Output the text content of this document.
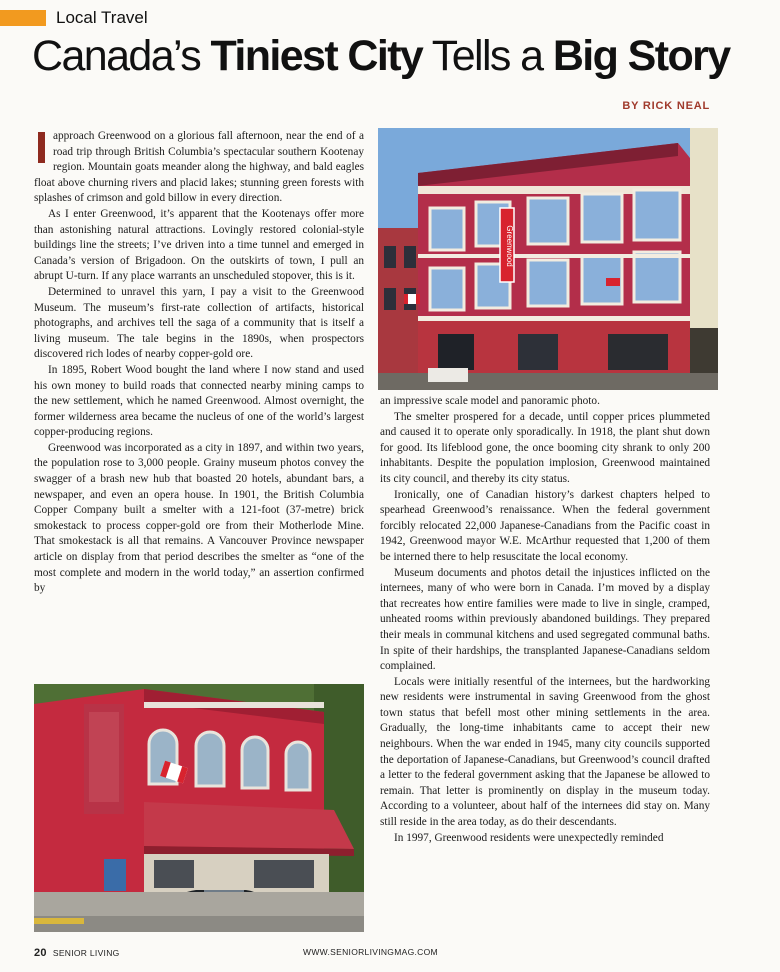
Local Travel
Canada’s Tiniest City Tells a Big Story
BY RICK NEAL

approach Greenwood on a glorious fall afternoon, near the end of a road trip through British Columbia’s spectacular southern Kootenay region. Mountain goats meander along the highway, and bald eagles float above churning rivers and placid lakes; stunning green forests with splashes of crimson and gold billow in every direction.

As I enter Greenwood, it’s apparent that the Kootenays offer more than astonishing natural attractions. Lovingly restored colonial-style buildings line the streets; I’ve driven into a time tunnel and emerged in Canada’s version of Brigadoon. On the outskirts of town, I pull an abrupt U-turn. If any place warrants an unscheduled stopover, this is it.

Determined to unravel this yarn, I pay a visit to the Greenwood Museum. The museum’s first-rate collection of artifacts, historical photographs, and archives tell the saga of a community that is itself a living museum. The tale begins in the 1890s, when prospectors discovered rich lodes of nearby copper-gold ore.

In 1895, Robert Wood bought the land where I now stand and used his own money to build roads that connected nearby mining camps to the new settlement, which he named Greenwood. Almost overnight, the former wilderness area became the nucleus of one of the world’s largest copper-producing regions.

Greenwood was incorporated as a city in 1897, and within two years, the population rose to 3,000 people. Grainy museum photos convey the swagger of a brash new hub that boasted 20 hotels, abundant bars, a newspaper, and even an opera house. In 1901, the British Columbia Copper Company built a smelter with a 121-foot (37-metre) brick smokestack to process copper-gold ore from their Motherlode Mine. That smokestack is all that remains. A Vancouver Province newspaper article on display from that period describes the smelter as “one of the most complete and modern in the world today,” an assertion confirmed by

Greenwood

an impressive scale model and panoramic photo.

The smelter prospered for a decade, until copper prices plummeted and caused it to operate only sporadically. In 1918, the plant shut down for good. Its lifeblood gone, the once booming city shrank to only 200 inhabitants. Despite the population implosion, Greenwood maintained its city council, and thereby its city status.

Ironically, one of Canadian history’s darkest chapters helped to spearhead Greenwood’s renaissance. When the federal government forcibly relocated 22,000 Japanese-Canadians from the Pacific coast in 1942, Greenwood mayor W.E. McArthur requested that 1,200 of them be interned there to help resuscitate the local economy.

Museum documents and photos detail the injustices inflicted on the internees, many of who were born in Canada. I’m moved by a display that recreates how entire families were made to live in single, cramped, unheated rooms within previously abandoned buildings. They prepared their meals in communal kitchens and used segregated communal baths. In spite of their hardships, the transplanted Japanese-Canadians seldom complained.

Locals were initially resentful of the internees, but the hardworking new residents were instrumental in saving Greenwood from the ghost town status that befell most other mining settlements in the area. Gradually, the long-time inhabitants came to accept their new neighbours. When the war ended in 1945, many city councils supported the deportation of Japanese-Canadians, but Greenwood’s council drafted a letter to the federal government asking that the Japanese be allowed to remain. That letter is prominently on display in the museum today. According to a volunteer, about half of the internees did stay on. Many still reside in the area today, as do their descendants.

In 1997, Greenwood residents were unexpectedly reminded

20 SENIOR LIVING	WWW.SENIORLIVINGMAG.COM
